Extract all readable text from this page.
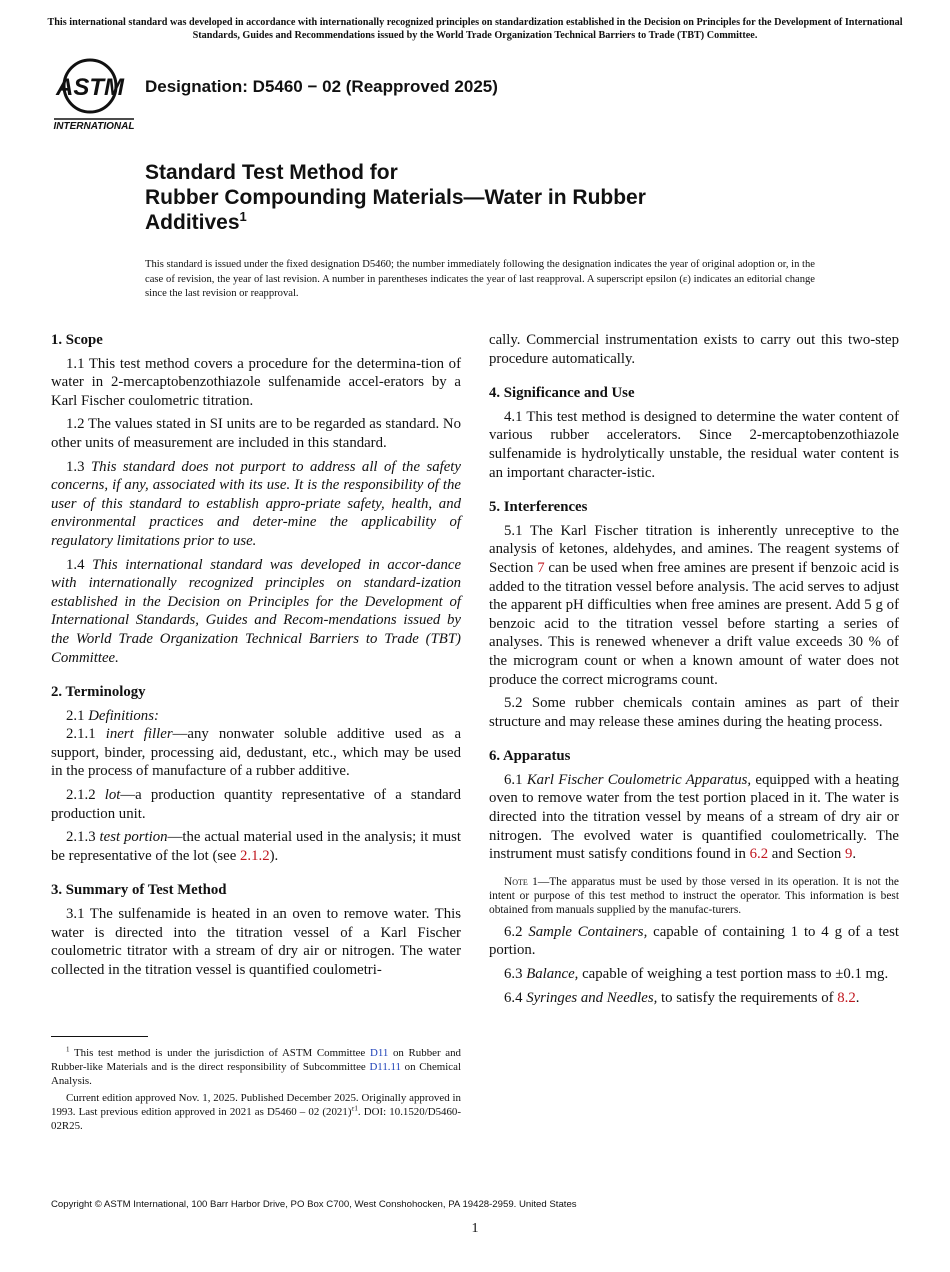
This international standard was developed in accordance with internationally recognized principles on standardization established in the Decision on Principles for the Development of International Standards, Guides and Recommendations issued by the World Trade Organization Technical Barriers to Trade (TBT) Committee.
ASTM
INTERNATIONAL
Designation: D5460 − 02 (Reapproved 2025)
Standard Test Method for
Rubber Compounding Materials—Water in Rubber
Additives$^1$
This standard is issued under the fixed designation D5460; the number immediately following the designation indicates the year of original adoption or, in the case of revision, the year of last revision. A number in parentheses indicates the year of last reapproval. A superscript epsilon (ε) indicates an editorial change since the last revision or reapproval.
1. Scope

1.1 This test method covers a procedure for the determina-tion of water in 2-mercaptobenzothiazole sulfenamide accel-erators by a Karl Fischer coulometric titration.

1.2 The values stated in SI units are to be regarded as standard. No other units of measurement are included in this standard.

1.3 This standard does not purport to address all of the safety concerns, if any, associated with its use. It is the responsibility of the user of this standard to establish appro-priate safety, health, and environmental practices and deter-mine the applicability of regulatory limitations prior to use.

1.4 This international standard was developed in accor-dance with internationally recognized principles on standard-ization established in the Decision on Principles for the Development of International Standards, Guides and Recom-mendations issued by the World Trade Organization Technical Barriers to Trade (TBT) Committee.

2. Terminology

2.1 Definitions:

2.1.1 inert filler—any nonwater soluble additive used as a support, binder, processing aid, dedustant, etc., which may be used in the process of manufacture of a rubber additive.

2.1.2 lot—a production quantity representative of a standard production unit.

2.1.3 test portion—the actual material used in the analysis; it must be representative of the lot (see 2.1.2).

3. Summary of Test Method

3.1 The sulfenamide is heated in an oven to remove water. This water is directed into the titration vessel of a Karl Fischer coulometric titrator with a stream of dry air or nitrogen. The water collected in the titration vessel is quantified coulometri-

cally. Commercial instrumentation exists to carry out this two-step procedure automatically.

4. Significance and Use

4.1 This test method is designed to determine the water content of various rubber accelerators. Since 2-mercaptobenzothiazole sulfenamide is hydrolytically unstable, the residual water content is an important character-istic.

5. Interferences

5.1 The Karl Fischer titration is inherently unreceptive to the analysis of ketones, aldehydes, and amines. The reagent systems of Section 7 can be used when free amines are present if benzoic acid is added to the titration vessel before analysis. The acid serves to adjust the apparent pH difficulties when free amines are present. Add 5 g of benzoic acid to the titration vessel before starting a series of analyses. This is renewed whenever a drift value exceeds 30 % of the microgram count or when a known amount of water does not produce the correct micrograms count.

5.2 Some rubber chemicals contain amines as part of their structure and may release these amines during the heating process.

6. Apparatus

6.1 Karl Fischer Coulometric Apparatus, equipped with a heating oven to remove water from the test portion placed in it. The water is directed into the titration vessel by means of a stream of dry air or nitrogen. The evolved water is quantified coulometrically. The instrument must satisfy conditions found in 6.2 and Section 9.

Note 1—The apparatus must be used by those versed in its operation. It is not the intent or purpose of this test method to instruct the operator. This information is best obtained from manuals supplied by the manufac-turers.

6.2 Sample Containers, capable of containing 1 to 4 g of a test portion.

6.3 Balance, capable of weighing a test portion mass to ±0.1 mg.

6.4 Syringes and Needles, to satisfy the requirements of 8.2.

$^1$ This test method is under the jurisdiction of ASTM Committee D11 on Rubber and Rubber-like Materials and is the direct responsibility of Subcommittee D11.11 on Chemical Analysis.

Current edition approved Nov. 1, 2025. Published December 2025. Originally approved in 1993. Last previous edition approved in 2021 as D5460 – 02 $(2021)^{\varepsilon 1}$. DOI: 10.1520/D5460-02R25.

Copyright © ASTM International, 100 Barr Harbor Drive, PO Box C700, West Conshohocken, PA 19428-2959. United States
1
